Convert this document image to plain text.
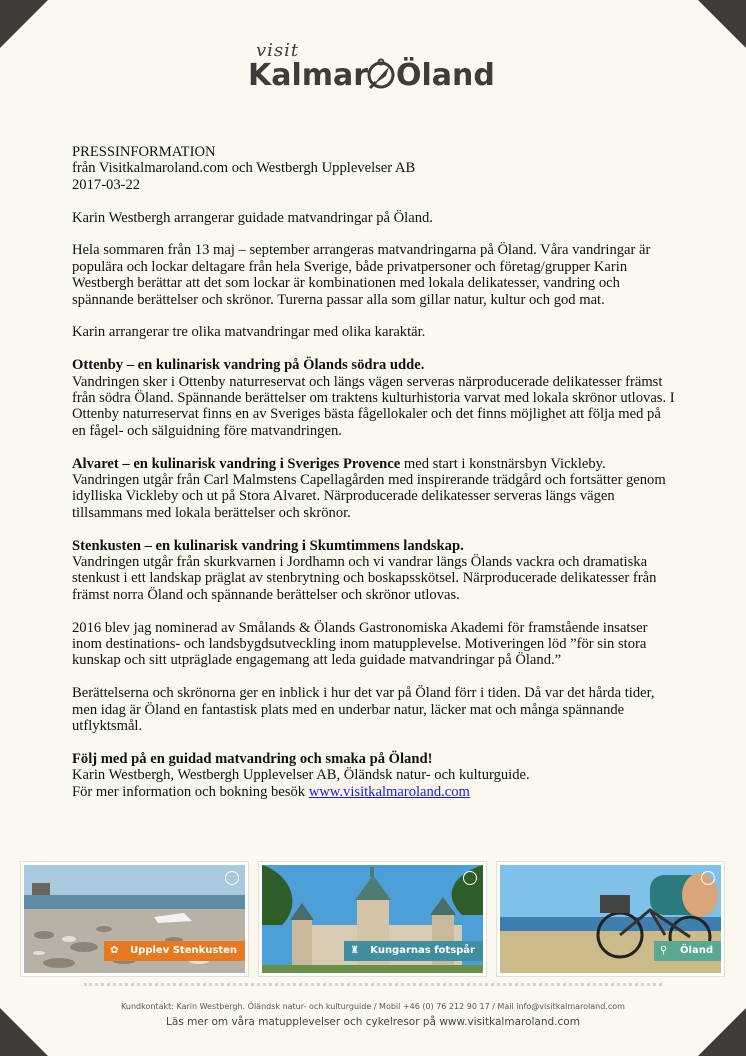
visit
Kalmar Öland
PRESSINFORMATION
från Visitkalmaroland.com och Westbergh Upplevelser AB
2017-03-22

Karin Westbergh arrangerar guidade matvandringar på Öland.

Hela sommaren från 13 maj – september arrangeras matvandringarna på Öland. Våra vandringar är populära och lockar deltagare från hela Sverige, både privatpersoner och företag/grupper Karin Westbergh berättar att det som lockar är kombinationen med lokala delikatesser, vandring och spännande berättelser och skrönor. Turerna passar alla som gillar natur, kultur och god mat.

Karin arrangerar tre olika matvandringar med olika karaktär.

Ottenby – en kulinarisk vandring på Ölands södra udde.
Vandringen sker i Ottenby naturreservat och längs vägen serveras närproducerade delikatesser främst från södra Öland. Spännande berättelser om traktens kulturhistoria varvat med lokala skrönor utlovas. I Ottenby naturreservat finns en av Sveriges bästa fågellokaler och det finns möjlighet att följa med på en fågel- och sälguidning före matvandringen.

Alvaret – en kulinarisk vandring i Sveriges Provence med start i konstnärsbyn Vickleby.
Vandringen utgår från Carl Malmstens Capellagården med inspirerande trädgård och fortsätter genom idylliska Vickleby och ut på Stora Alvaret. Närproducerade delikatesser serveras längs vägen tillsammans med lokala berättelser och skrönor.

Stenkusten – en kulinarisk vandring i Skumtimmens landskap.
Vandringen utgår från skurkvarnen i Jordhamn och vi vandrar längs Ölands vackra och dramatiska stenkust i ett landskap präglat av stenbrytning och boskapsskötsel. Närproducerade delikatesser från främst norra Öland och spännande berättelser och skrönor utlovas.

2016 blev jag nominerad av Smålands & Ölands Gastronomiska Akademi för framstående insatser inom destinations- och landsbygdsutveckling inom matupplevelse. Motiveringen löd ”för sin stora kunskap och sitt utpräglade engagemang att leda guidade matvandringar på Öland.”

Berättelserna och skrönorna ger en inblick i hur det var på Öland förr i tiden. Då var det hårda tider, men idag är Öland en fantastisk plats med en underbar natur, läcker mat och många spännande utflyktsmål.

Följ med på en guidad matvandring och smaka på Öland!
Karin Westbergh, Westbergh Upplevelser AB, Öländsk natur- och kulturguide.
För mer information och bokning besök www.visitkalmaroland.com

✿	Upplev Stenkusten	♜	Kungarnas fotspår	⚲	Öland
Kundkontakt: Karin Westbergh. Öländsk natur- och kulturguide / Mobil +46 (0) 76 212 90 17 / Mail info@visitkalmaroland.com
Läs mer om våra matupplevelser och cykelresor på www.visitkalmaroland.com
